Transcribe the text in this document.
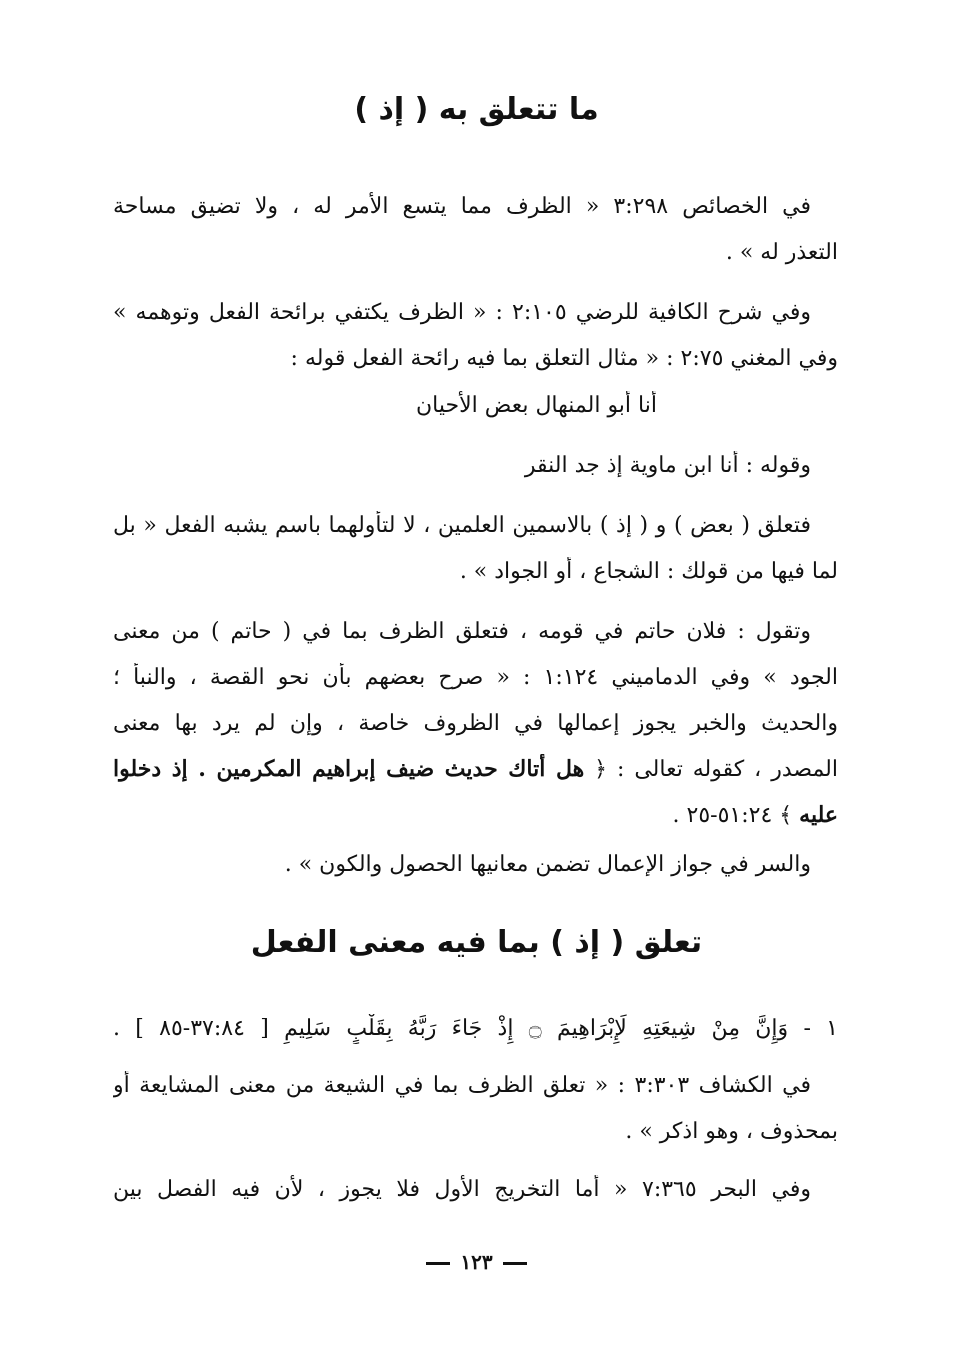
ما تتعلق به ( إذ )
في الخصائص ٣:٢٩٨ « الظرف مما يتسع الأمر له ، ولا تضيق مساحة
التعذر له » .
وفي شرح الكافية للرضي ٢:١٠٥ : « الظرف يكتفي برائحة الفعل وتوهمه »
وفي المغني ٢:٧٥ : « مثال التعلق بما فيه رائحة الفعل قوله :
أنا أبو المنهال بعض الأحيان
وقوله : أنا ابن ماوية إذ جد النقر
فتعلق ( بعض ) و ( إذ ) بالاسمين العلمين ، لا لتأولهما باسم يشبه الفعل « بل
لما فيها من قولك : الشجاع ، أو الجواد » .
وتقول : فلان حاتم في قومه ، فتعلق الظرف بما في ( حاتم ) من معنى
الجود » وفي الدماميني ١:١٢٤ : « صرح بعضهم بأن نحو القصة ، والنبأ ؛
والحديث والخبر يجوز إعمالها في الظروف خاصة ، وإن لم يرد بها معنى
المصدر ، كقوله تعالى : ﴿ هل أتاك حديث ضيف إبراهيم المكرمين . إذ دخلوا
عليه ﴾ ٥١:٢٤-٢٥ .
والسر في جواز الإعمال تضمن معانيها الحصول والكون » .
تعلق ( إذ ) بما فيه معنى الفعل
١ - وَإِنَّ مِنْ شِيعَتِهِ لَإِبْرَاهِيمَ ۝ إِذْ جَاءَ رَبَّهُ بِقَلْبٍ سَلِيمٍ [ ٣٧:٨٤-٨٥ ] .
في الكشاف ٣:٣٠٣ : « تعلق الظرف بما في الشيعة من معنى المشايعة أو
بمحذوف ، وهو اذكر » .
وفي البحر ٧:٣٦٥ « أما التخريج الأول فلا يجوز ، لأن فيه الفصل بين
١٢٣
